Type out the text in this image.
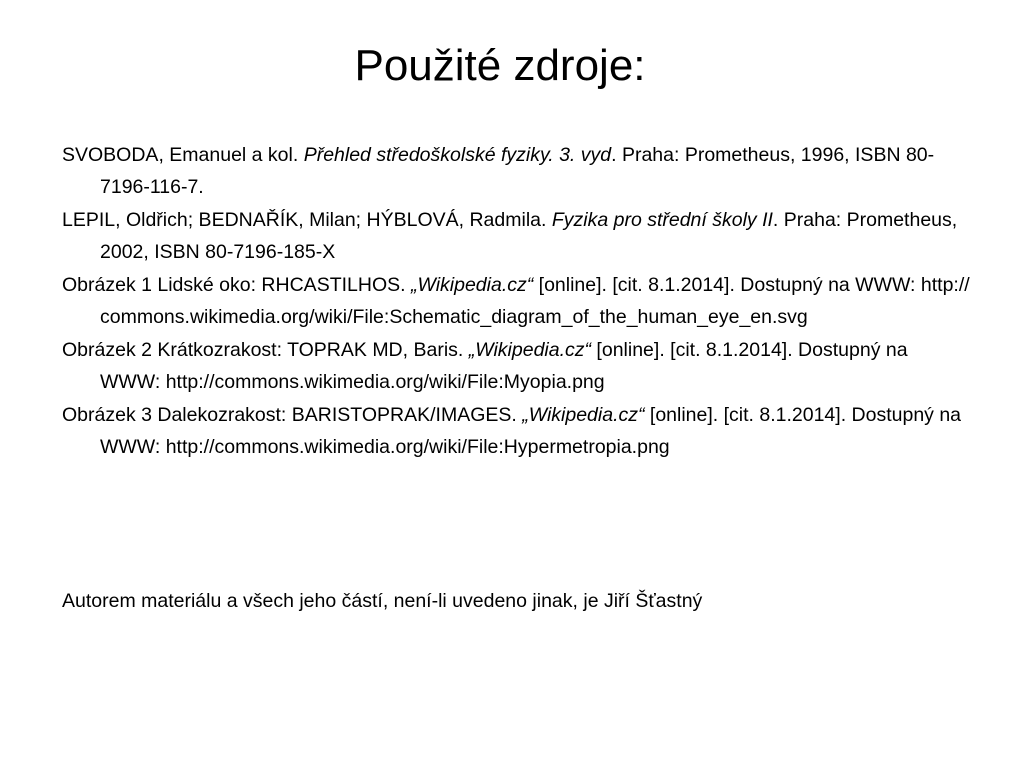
Použité zdroje:
SVOBODA, Emanuel a kol. Přehled středoškolské fyziky. 3. vyd. Praha: Prometheus, 1996, ISBN 80-7196-116-7.
LEPIL, Oldřich; BEDNAŘÍK, Milan; HÝBLOVÁ, Radmila. Fyzika pro střední školy II. Praha: Prometheus, 2002, ISBN 80-7196-185-X
Obrázek 1 Lidské oko: RHCASTILHOS. „Wikipedia.cz“ [online]. [cit. 8.1.2014]. Dostupný na WWW: http://commons.wikimedia.org/wiki/File:Schematic_diagram_of_the_human_eye_en.svg
Obrázek 2 Krátkozrakost: TOPRAK MD, Baris. „Wikipedia.cz“ [online]. [cit. 8.1.2014]. Dostupný na WWW: http://commons.wikimedia.org/wiki/File:Myopia.png
Obrázek 3 Dalekozrakost: BARISTOPRAK/IMAGES. „Wikipedia.cz“ [online]. [cit. 8.1.2014]. Dostupný na WWW: http://commons.wikimedia.org/wiki/File:Hypermetropia.png

Autorem materiálu a všech jeho částí, není-li uvedeno jinak, je Jiří Šťastný
